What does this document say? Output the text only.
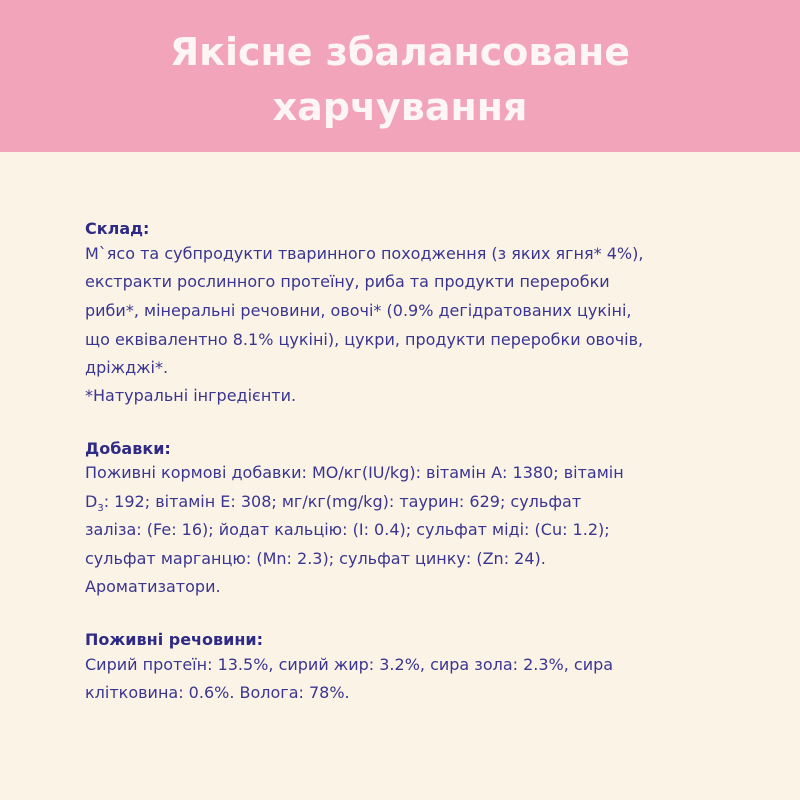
Якісне збалансоване
харчування
Склад:
М`ясо та субпродукти тваринного походження (з яких ягня* 4%),
екстракти рослинного протеїну, риба та продукти переробки
риби*, мінеральні речовини, овочі* (0.9% дегідратованих цукіні,
що еквівалентно 8.1% цукіні), цукри, продукти переробки овочів,
дріжджі*.
*Натуральні інгредієнти.
Добавки:
Поживні кормові добавки: МО/кг(IU/kg): вітамін А: 1380; вітамін
$D_3$: 192; вітамін Е: 308; мг/кг(mg/kg): таурин: 629; сульфат
заліза: (Fe: 16); йодат кальцію: (I: 0.4); сульфат міді: (Cu: 1.2);
сульфат марганцю: (Mn: 2.3); сульфат цинку: (Zn: 24).
Ароматизатори.
Поживні речовини:
Сирий протеїн: 13.5%, сирий жир: 3.2%, сира зола: 2.3%, сира
клітковина: 0.6%. Волога: 78%.
